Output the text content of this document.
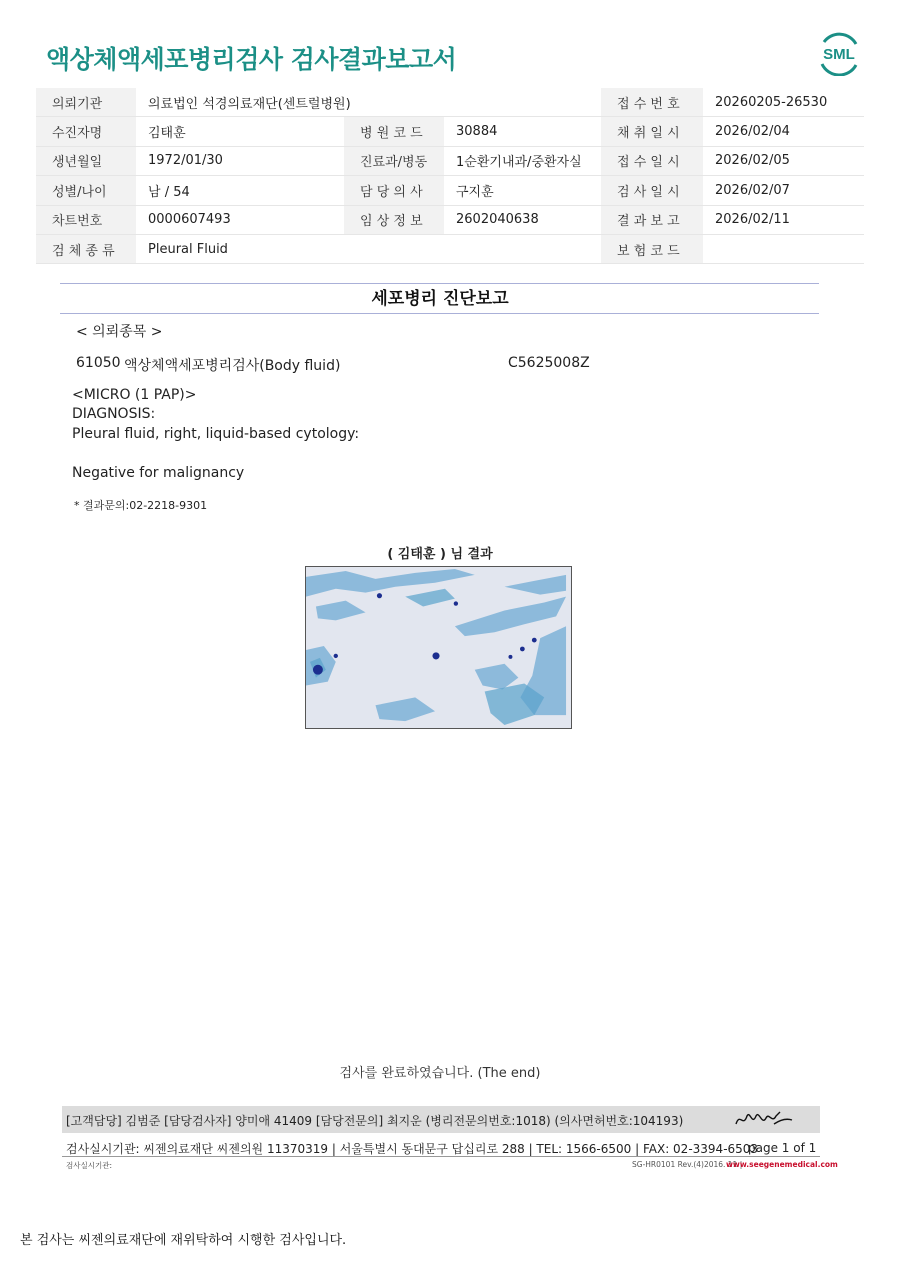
액상체액세포병리검사 검사결과보고서	SML
의뢰기관	의료법인 석경의료재단(센트럴병원)			접 수 번 호	20260205-26530
수진자명	김태훈	병 원 코 드	30884	채 취 일 시	2026/02/04
생년월일	1972/01/30	진료과/병동	1순환기내과/중환자실	접 수 일 시	2026/02/05
성별/나이	남 / 54	담 당 의 사	구지훈	검 사 일 시	2026/02/07
차트번호	0000607493	임 상 정 보	2602040638	결 과 보 고	2026/02/11
검 체 종 류	Pleural Fluid			보 험 코 드	
세포병리 진단보고
< 의뢰종목 >
61050 액상체액세포병리검사(Body fluid)	C5625008Z
<MICRO (1 PAP)>
DIAGNOSIS:
Pleural fluid, right, liquid-based cytology:
Negative for malignancy
* 결과문의:02-2218-9301
( 김태훈 ) 님 결과
검사를 완료하였습니다. (The end)
[고객담당] 김범준 [담당검사자] 양미애 41409 [담당전문의] 최지운 (병리전문의번호:1018) (의사면허번호:104193)
검사실시기관: 씨젠의료재단 씨젠의원 11370319 | 서울특별시 동대문구 답십리로 288 | TEL: 1566-6500 | FAX: 02-3394-6503
page 1 of 1
검사실시기관:	SG-HR0101 Rev.(4)2016. 11 |
www.seegenemedical.com
본 검사는 씨젠의료재단에 재위탁하여 시행한 검사입니다.
